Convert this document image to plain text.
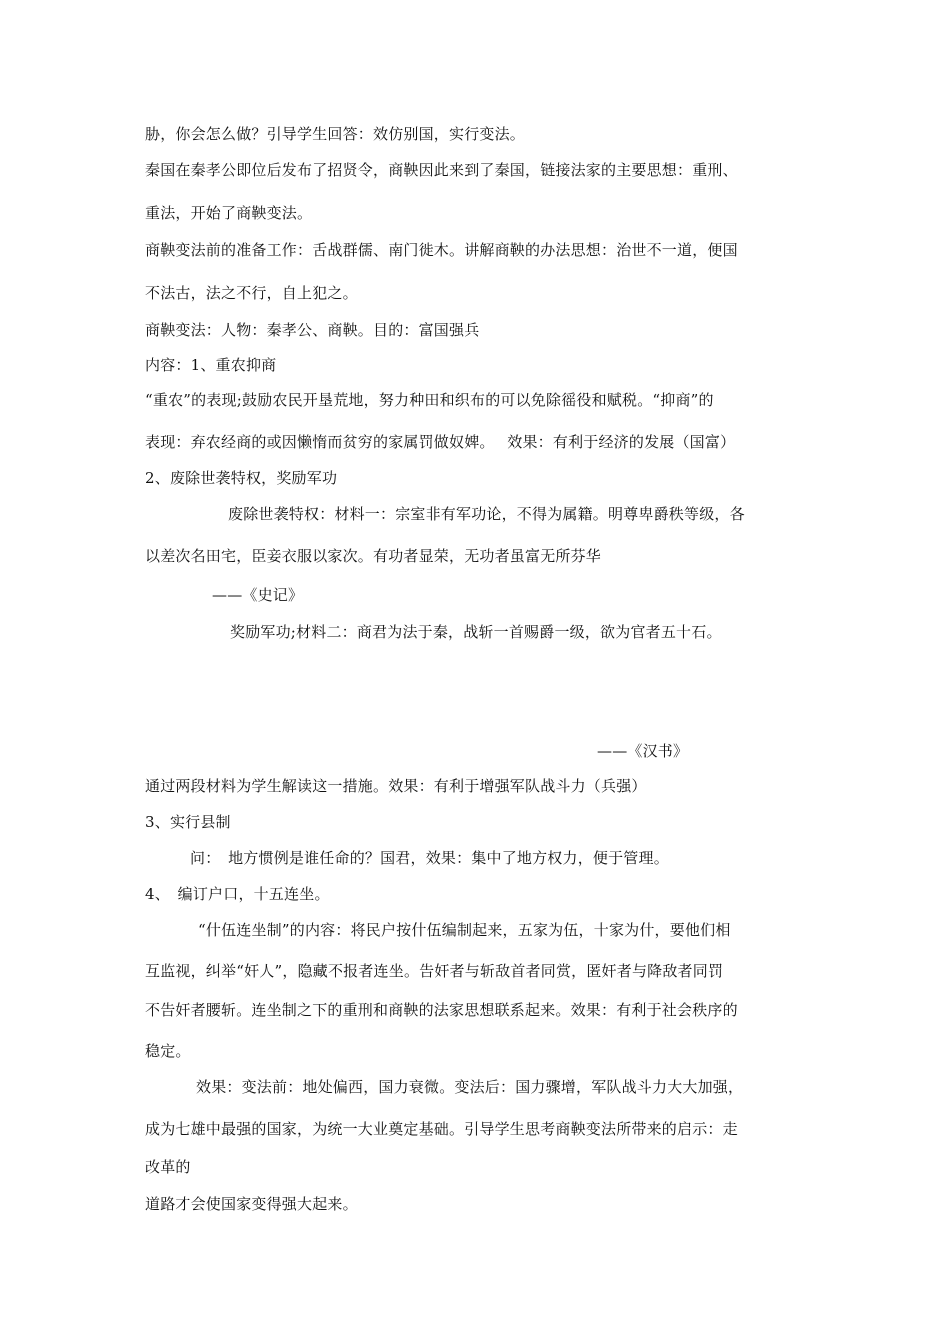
胁，你会怎么做？引导学生回答：效仿别国，实行变法。
秦国在秦孝公即位后发布了招贤令，商鞅因此来到了秦国，链接法家的主要思想：重刑、
重法，开始了商鞅变法。
商鞅变法前的准备工作：舌战群儒、南门徙木。讲解商鞅的办法思想：治世不一道，便国
不法古，法之不行，自上犯之。
商鞅变法：人物：秦孝公、商鞅。目的：富国强兵
内容：1、重农抑商
“重农”的表现;鼓励农民开垦荒地，努力种田和织布的可以免除徭役和赋税。“抑商”的
表现：弃农经商的或因懒惰而贫穷的家属罚做奴婢。　 效果：有利于经济的发展（国富）
2、废除世袭特权，奖励军功
废除世袭特权：材料一：宗室非有军功论，不得为属籍。明尊卑爵秩等级，各
以差次名田宅，臣妾衣服以家次。有功者显荣，无功者虽富无所芬华
——《史记》
奖励军功;材料二：商君为法于秦，战斩一首赐爵一级，欲为官者五十石。
——《汉书》
通过两段材料为学生解读这一措施。效果：有利于增强军队战斗力（兵强）
3、实行县制
问：　地方惯例是谁任命的？国君，效果：集中了地方权力，便于管理。
4、　编订户口，十五连坐。
“什伍连坐制”的内容：将民户按什伍编制起来，五家为伍，十家为什，要他们相
互监视，纠举“奸人”，隐藏不报者连坐。告奸者与斩敌首者同赏，匿奸者与降敌者同罚
不告奸者腰斩。连坐制之下的重刑和商鞅的法家思想联系起来。效果：有利于社会秩序的
稳定。
效果：变法前：地处偏西，国力衰微。变法后：国力骤增，军队战斗力大大加强，
成为七雄中最强的国家，为统一大业奠定基础。引导学生思考商鞅变法所带来的启示：走
改革的
道路才会使国家变得强大起来。
